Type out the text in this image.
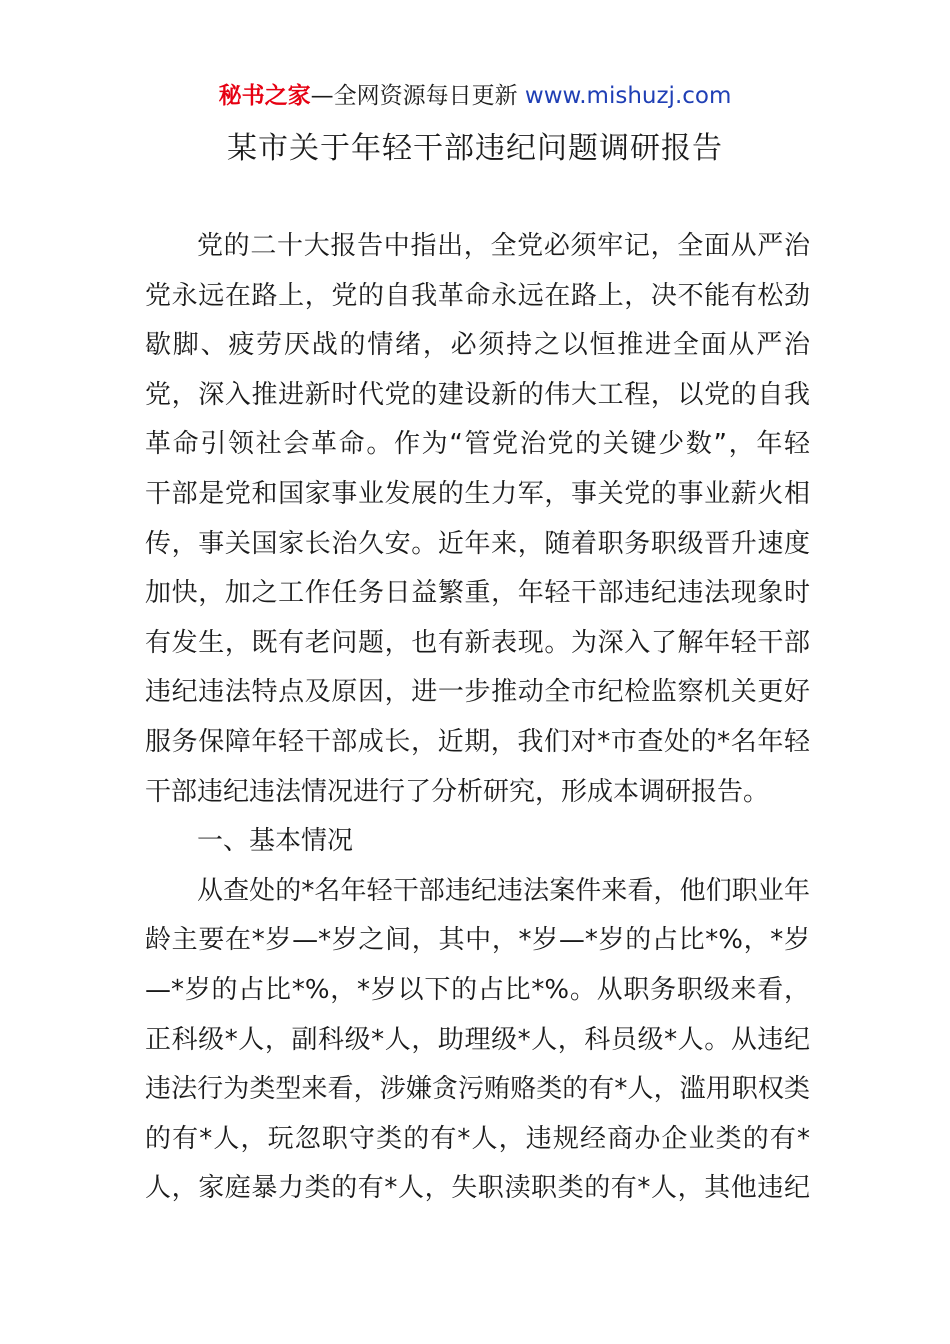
秘书之家—全网资源每日更新 www.mishuzj.com
某市关于年轻干部违纪问题调研报告
党的二十大报告中指出，全党必须牢记，全面从严治
党永远在路上，党的自我革命永远在路上，决不能有松劲
歇脚、疲劳厌战的情绪，必须持之以恒推进全面从严治
党，深入推进新时代党的建设新的伟大工程，以党的自我
革命引领社会革命。作为“管党治党的关键少数”，年轻
干部是党和国家事业发展的生力军，事关党的事业薪火相
传，事关国家长治久安。近年来，随着职务职级晋升速度
加快，加之工作任务日益繁重，年轻干部违纪违法现象时
有发生，既有老问题，也有新表现。为深入了解年轻干部
违纪违法特点及原因，进一步推动全市纪检监察机关更好
服务保障年轻干部成长，近期，我们对*市查处的*名年轻
干部违纪违法情况进行了分析研究，形成本调研报告。
一、基本情况
从查处的*名年轻干部违纪违法案件来看，他们职业年
龄主要在*岁—*岁之间，其中，*岁—*岁的占比*%，*岁
—*岁的占比*%，*岁以下的占比*%。从职务职级来看，
正科级*人，副科级*人，助理级*人，科员级*人。从违纪
违法行为类型来看，涉嫌贪污贿赂类的有*人，滥用职权类
的有*人，玩忽职守类的有*人，违规经商办企业类的有*
人，家庭暴力类的有*人，失职渎职类的有*人，其他违纪
